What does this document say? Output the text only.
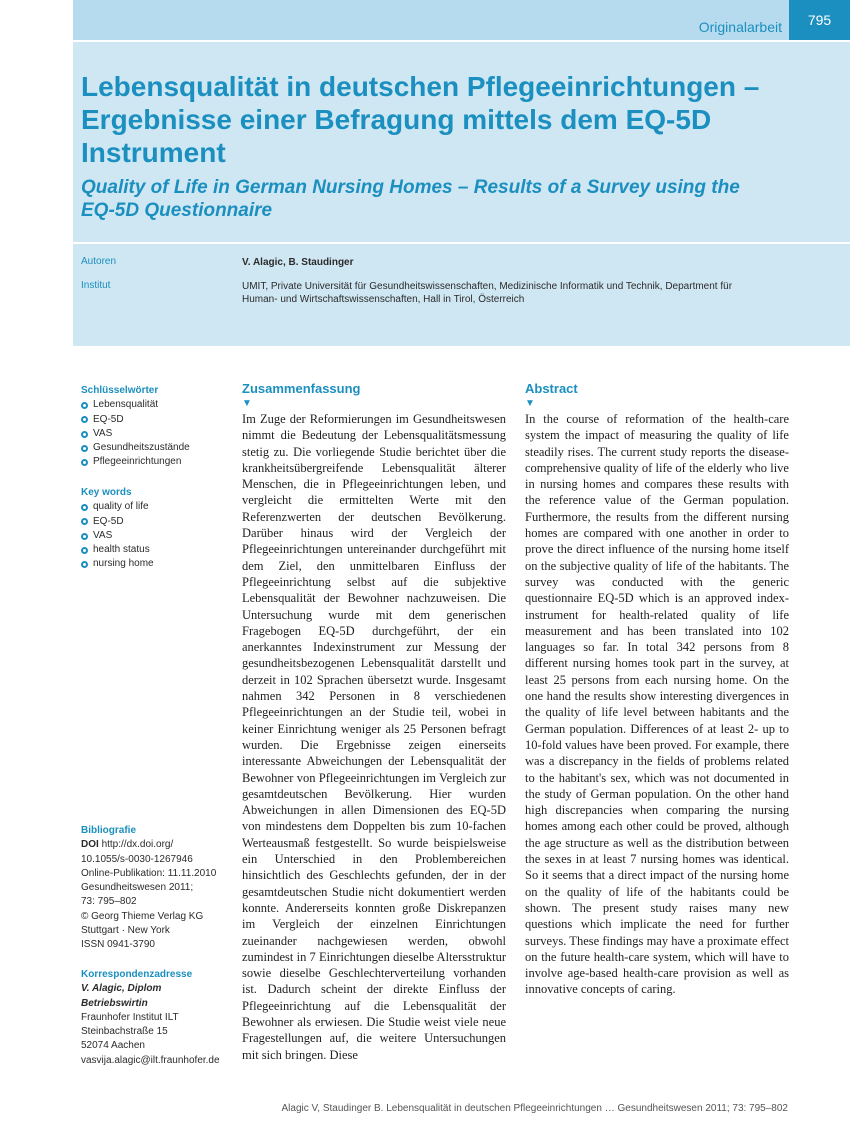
Originalarbeit	795
Lebensqualität in deutschen Pflegeeinrichtungen – Ergebnisse einer Befragung mittels dem EQ-5D Instrument
Quality of Life in German Nursing Homes – Results of a Survey using the EQ-5D Questionnaire
Autoren	V. Alagic, B. Staudinger
Institut	UMIT, Private Universität für Gesundheitswissenschaften, Medizinische Informatik und Technik, Department für Human- und Wirtschaftswissenschaften, Hall in Tirol, Österreich
Schlüsselwörter
Lebensqualität
EQ-5D
VAS
Gesundheitszustände
Pflegeeinrichtungen
Key words
quality of life
EQ-5D
VAS
health status
nursing home
Bibliografie
DOI http://dx.doi.org/
10.1055/s-0030-1267946
Online-Publikation: 11.11.2010
Gesundheitswesen 2011;
73: 795–802
© Georg Thieme Verlag KG
Stuttgart · New York
ISSN 0941-3790
Korrespondenzadresse
V. Alagic, Diplom
Betriebswirtin
Fraunhofer Institut ILT
Steinbachstraße 15
52074 Aachen
vasvija.alagic@ilt.fraunhofer.de
Zusammenfassung
▼

Im Zuge der Reformierungen im Gesundheitswesen nimmt die Bedeutung der Lebensqualitätsmessung stetig zu. Die vorliegende Studie berichtet über die krankheitsübergreifende Lebensqualität älterer Menschen, die in Pflegeeinrichtungen leben, und vergleicht die ermittelten Werte mit den Referenzwerten der deutschen Bevölkerung. Darüber hinaus wird der Vergleich der Pflegeeinrichtungen untereinander durchgeführt mit dem Ziel, den unmittelbaren Einfluss der Pflegeeinrichtung selbst auf die subjektive Lebensqualität der Bewohner nachzuweisen. Die Untersuchung wurde mit dem generischen Fragebogen EQ-5D durchgeführt, der ein anerkanntes Indexinstrument zur Messung der gesundheitsbezogenen Lebensqualität darstellt und derzeit in 102 Sprachen übersetzt wurde. Insgesamt nahmen 342 Personen in 8 verschiedenen Pflegeeinrichtungen an der Studie teil, wobei in keiner Einrichtung weniger als 25 Personen befragt wurden. Die Ergebnisse zeigen einerseits interessante Abweichungen der Lebensqualität der Bewohner von Pflegeeinrichtungen im Vergleich zur gesamtdeutschen Bevölkerung. Hier wurden Abweichungen in allen Dimensionen des EQ-5D von mindestens dem Doppelten bis zum 10-fachen Werteausmaß festgestellt. So wurde beispielsweise ein Unterschied in den Problembereichen hinsichtlich des Geschlechts gefunden, der in der gesamtdeutschen Studie nicht dokumentiert werden konnte. Andererseits konnten große Diskrepanzen im Vergleich der einzelnen Einrichtungen zueinander nachgewiesen werden, obwohl zumindest in 7 Einrichtungen dieselbe Altersstruktur sowie dieselbe Geschlechterverteilung vorhanden ist. Dadurch scheint der direkte Einfluss der Pflegeeinrichtung auf die Lebensqualität der Bewohner als erwiesen. Die Studie weist viele neue Fragestellungen auf, die weitere Untersuchungen mit sich bringen. Diese

Abstract
▼

In the course of reformation of the health-care system the impact of measuring the quality of life steadily rises. The current study reports the disease-comprehensive quality of life of the elderly who live in nursing homes and compares these results with the reference value of the German population. Furthermore, the results from the different nursing homes are compared with one another in order to prove the direct influence of the nursing home itself on the subjective quality of life of the habitants. The survey was conducted with the generic questionnaire EQ-5D which is an approved index-instrument for health-related quality of life measurement and has been translated into 102 languages so far. In total 342 persons from 8 different nursing homes took part in the survey, at least 25 persons from each nursing home. On the one hand the results show interesting divergences in the quality of life level between habitants and the German population. Differences of at least 2- up to 10-fold values have been proved. For example, there was a discrepancy in the fields of problems related to the habitant's sex, which was not documented in the study of German population. On the other hand high discrepancies when comparing the nursing homes among each other could be proved, although the age structure as well as the distribution between the sexes in at least 7 nursing homes was identical. So it seems that a direct impact of the nursing home on the quality of life of the habitants could be shown. The present study raises many new questions which implicate the need for further surveys. These findings may have a proximate effect on the future health-care system, which will have to involve age-based health-care provision as well as innovative concepts of caring.

Alagic V, Staudinger B. Lebensqualität in deutschen Pflegeeinrichtungen … Gesundheitswesen 2011; 73: 795–802
